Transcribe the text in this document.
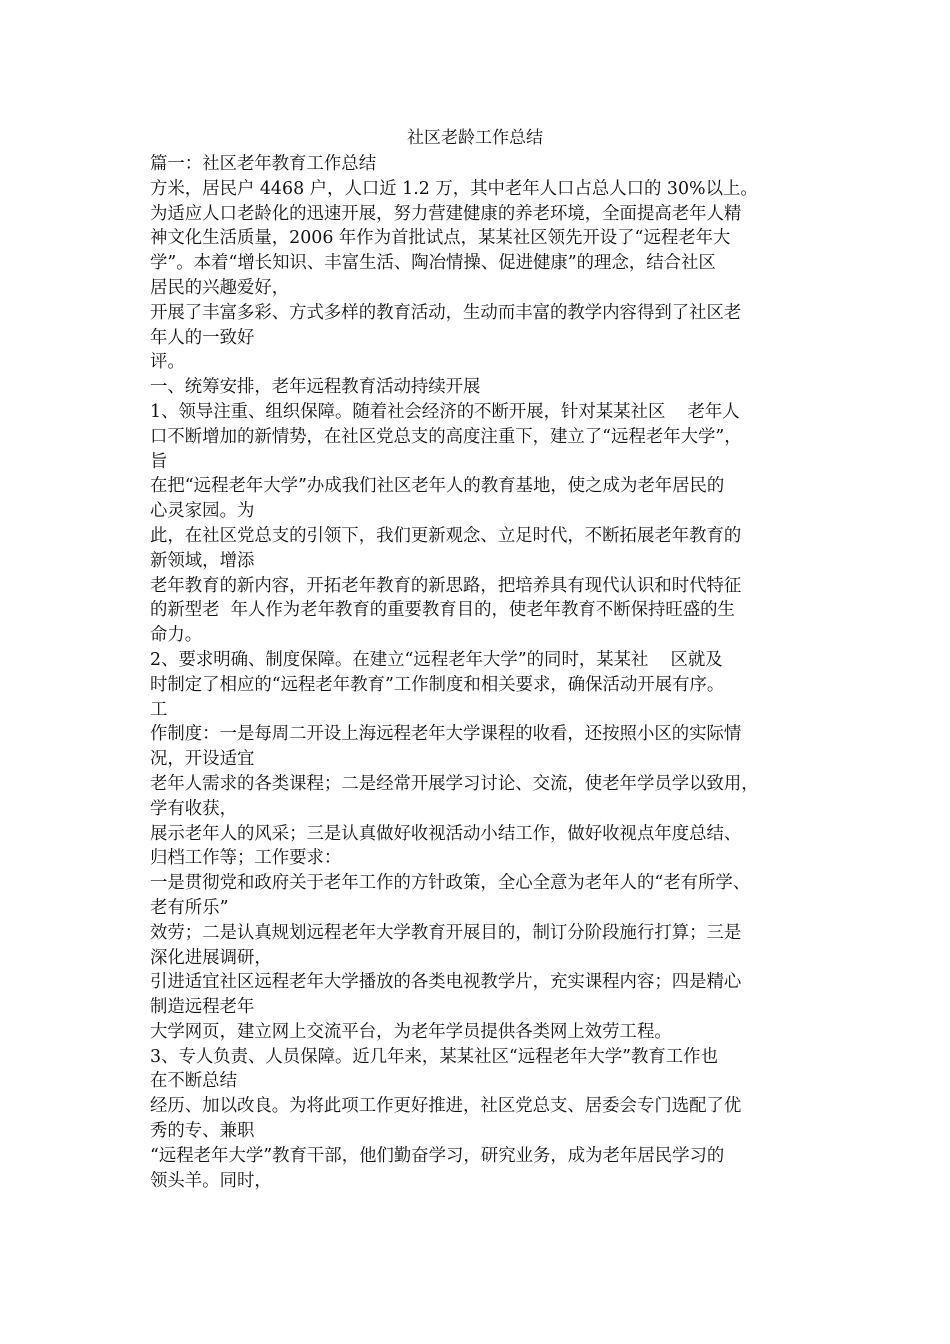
社区老龄工作总结
篇一：社区老年教育工作总结
方米，居民户 4468 户，人口近 1.2 万，其中老年人口占总人口的 30%以上。
为适应人口老龄化的迅速开展，努力营建健康的养老环境，全面提高老年人精
神文化生活质量，2006 年作为首批试点，某某社区领先开设了“远程老年大
学”。本着“增长知识、丰富生活、陶冶情操、促进健康”的理念，结合社区
居民的兴趣爱好，
开展了丰富多彩、方式多样的教育活动，生动而丰富的教学内容得到了社区老
年人的一致好
评。
一、统筹安排，老年远程教育活动持续开展
1、领导注重、组织保障。随着社会经济的不断开展，针对某某社区    老年人
口不断增加的新情势，在社区党总支的高度注重下，建立了“远程老年大学”，
旨
在把“远程老年大学”办成我们社区老年人的教育基地，使之成为老年居民的
心灵家园。为
此，在社区党总支的引领下，我们更新观念、立足时代，不断拓展老年教育的
新领域，增添
老年教育的新内容，开拓老年教育的新思路，把培养具有现代认识和时代特征
的新型老  年人作为老年教育的重要教育目的，使老年教育不断保持旺盛的生
命力。
2、要求明确、制度保障。在建立“远程老年大学”的同时，某某社    区就及
时制定了相应的“远程老年教育”工作制度和相关要求，确保活动开展有序。
工
作制度：一是每周二开设上海远程老年大学课程的收看，还按照小区的实际情
况，开设适宜
老年人需求的各类课程；二是经常开展学习讨论、交流，使老年学员学以致用，
学有收获，
展示老年人的风采；三是认真做好收视活动小结工作，做好收视点年度总结、
归档工作等；工作要求：
一是贯彻党和政府关于老年工作的方针政策，全心全意为老年人的“老有所学、
老有所乐”
效劳；二是认真规划远程老年大学教育开展目的，制订分阶段施行打算；三是
深化进展调研，
引进适宜社区远程老年大学播放的各类电视教学片，充实课程内容；四是精心
制造远程老年
大学网页，建立网上交流平台，为老年学员提供各类网上效劳工程。
3、专人负责、人员保障。近几年来，某某社区“远程老年大学”教育工作也
在不断总结
经历、加以改良。为将此项工作更好推进，社区党总支、居委会专门选配了优
秀的专、兼职
“远程老年大学”教育干部，他们勤奋学习，研究业务，成为老年居民学习的
领头羊。同时，
